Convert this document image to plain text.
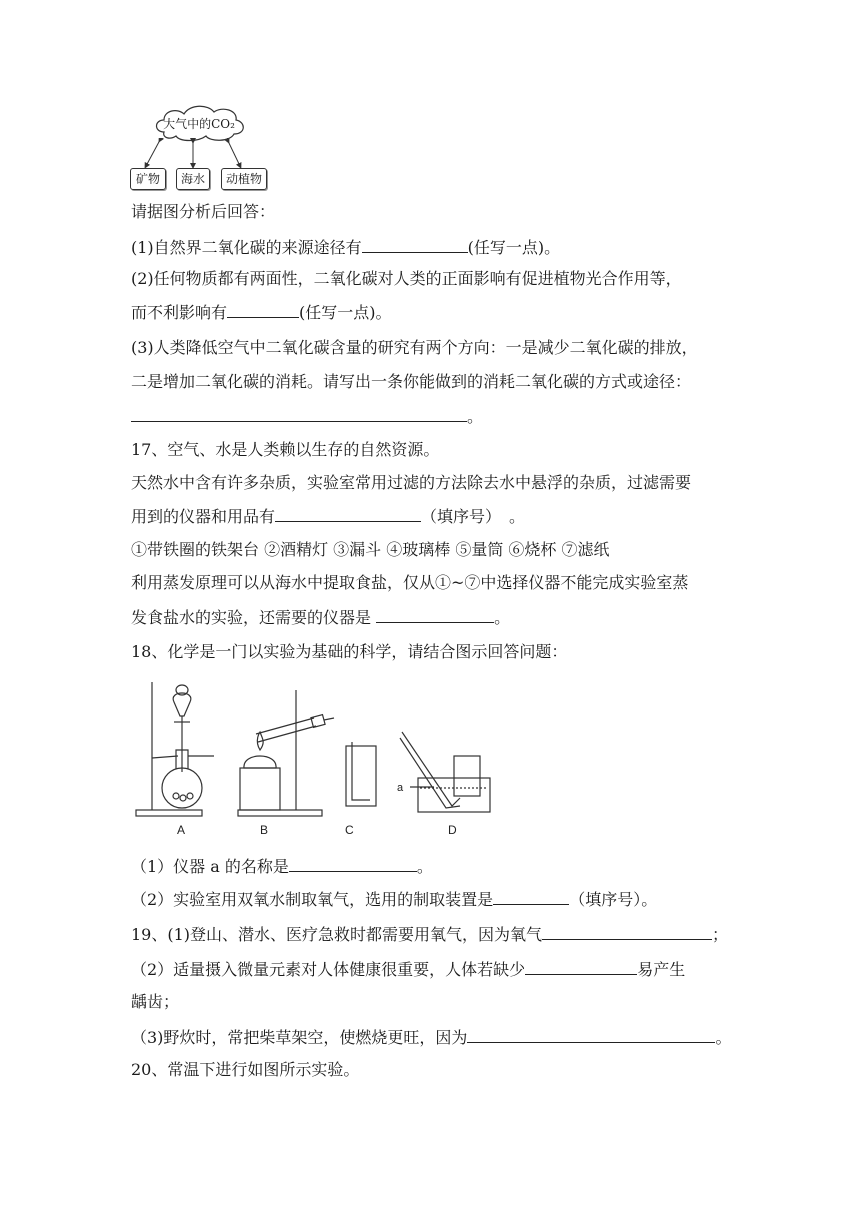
大气中的CO₂
矿物	海水	动植物
请据图分析后回答：
(1)自然界二氧化碳的来源途径有	(任写一点)。
(2)任何物质都有两面性，二氧化碳对人类的正面影响有促进植物光合作用等，
而不利影响有	(任写一点)。
(3)人类降低空气中二氧化碳含量的研究有两个方向：一是减少二氧化碳的排放，
二是增加二氧化碳的消耗。请写出一条你能做到的消耗二氧化碳的方式或途径：
。
17、空气、水是人类赖以生存的自然资源。
天然水中含有许多杂质，实验室常用过滤的方法除去水中悬浮的杂质，过滤需要
用到的仪器和用品有	（填序号）　。
①带铁圈的铁架台 ②酒精灯 ③漏斗 ④玻璃棒 ⑤量筒 ⑥烧杯 ⑦滤纸
利用蒸发原理可以从海水中提取食盐，仅从①~⑦中选择仪器不能完成实验室蒸
发食盐水的实验，还需要的仪器是	。
18、化学是一门以实验为基础的科学，请结合图示回答问题：
a
A	B	C	D
（1）仪器 a 的名称是	。
（2）实验室用双氧水制取氧气，选用的制取装置是	（填序号）。
19、(1)登山、潜水、医疗急救时都需要用氧气，因为氧气	；
（2）适量摄入微量元素对人体健康很重要，人体若缺少	易产生
龋齿；
（3)野炊时，常把柴草架空，使燃烧更旺，因为	。
20、常温下进行如图所示实验。
